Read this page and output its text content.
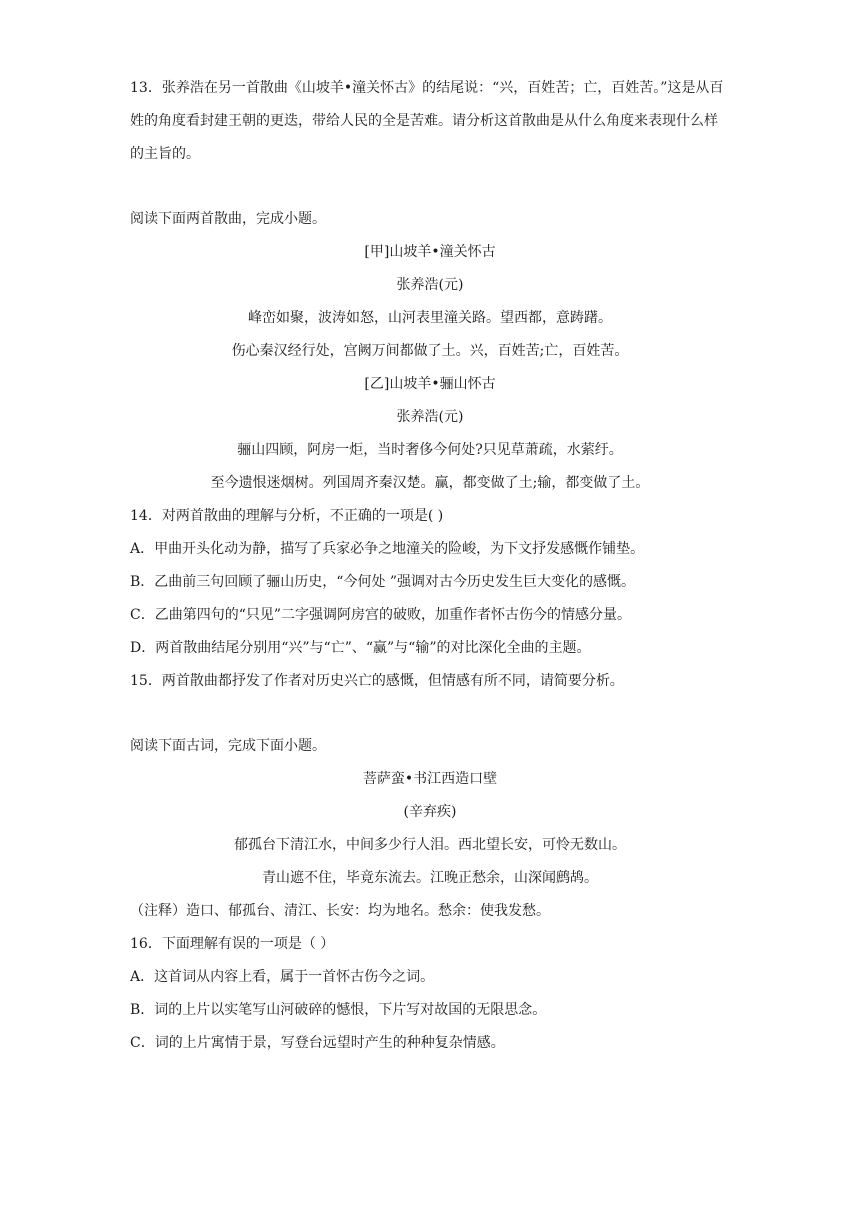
13．张养浩在另一首散曲《山坡羊•潼关怀古》的结尾说：“兴，百姓苦；亡，百姓苦。”这是从百姓的角度看封建王朝的更迭，带给人民的全是苦难。请分析这首散曲是从什么角度来表现什么样的主旨的。

阅读下面两首散曲，完成小题。

[甲]山坡羊•潼关怀古

张养浩(元)

峰峦如聚，波涛如怒，山河表里潼关路。望西都，意踌躇。

伤心秦汉经行处，宫阙万间都做了土。兴，百姓苦;亡，百姓苦。

[乙]山坡羊•骊山怀古

张养浩(元)

骊山四顾，阿房一炬，当时奢侈今何处?只见草萧疏，水萦纡。

至今遗恨迷烟树。列国周齐秦汉楚。赢，都变做了土;输，都变做了土。

14．对两首散曲的理解与分析，不正确的一项是( )

A．甲曲开头化动为静，描写了兵家必争之地潼关的险峻，为下文抒发感慨作铺垫。

B．乙曲前三句回顾了骊山历史，“今何处 ”强调对古今历史发生巨大变化的感慨。

C．乙曲第四句的“只见”二字强调阿房宫的破败，加重作者怀古伤今的情感分量。

D．两首散曲结尾分别用“兴”与“亡”、“赢”与“输”的对比深化全曲的主题。

15．两首散曲都抒发了作者对历史兴亡的感慨，但情感有所不同，请简要分析。

阅读下面古词，完成下面小题。

菩萨蛮•书江西造口壁

(辛弃疾)

郁孤台下清江水，中间多少行人泪。西北望长安，可怜无数山。

青山遮不住，毕竟东流去。江晚正愁余，山深闻鹧鸪。

（注释）造口、郁孤台、清江、长安：均为地名。愁余：使我发愁。

16．下面理解有误的一项是（ ）

A．这首词从内容上看，属于一首怀古伤今之词。

B．词的上片以实笔写山河破碎的憾恨，下片写对故国的无限思念。

C．词的上片寓情于景，写登台远望时产生的种种复杂情感。
